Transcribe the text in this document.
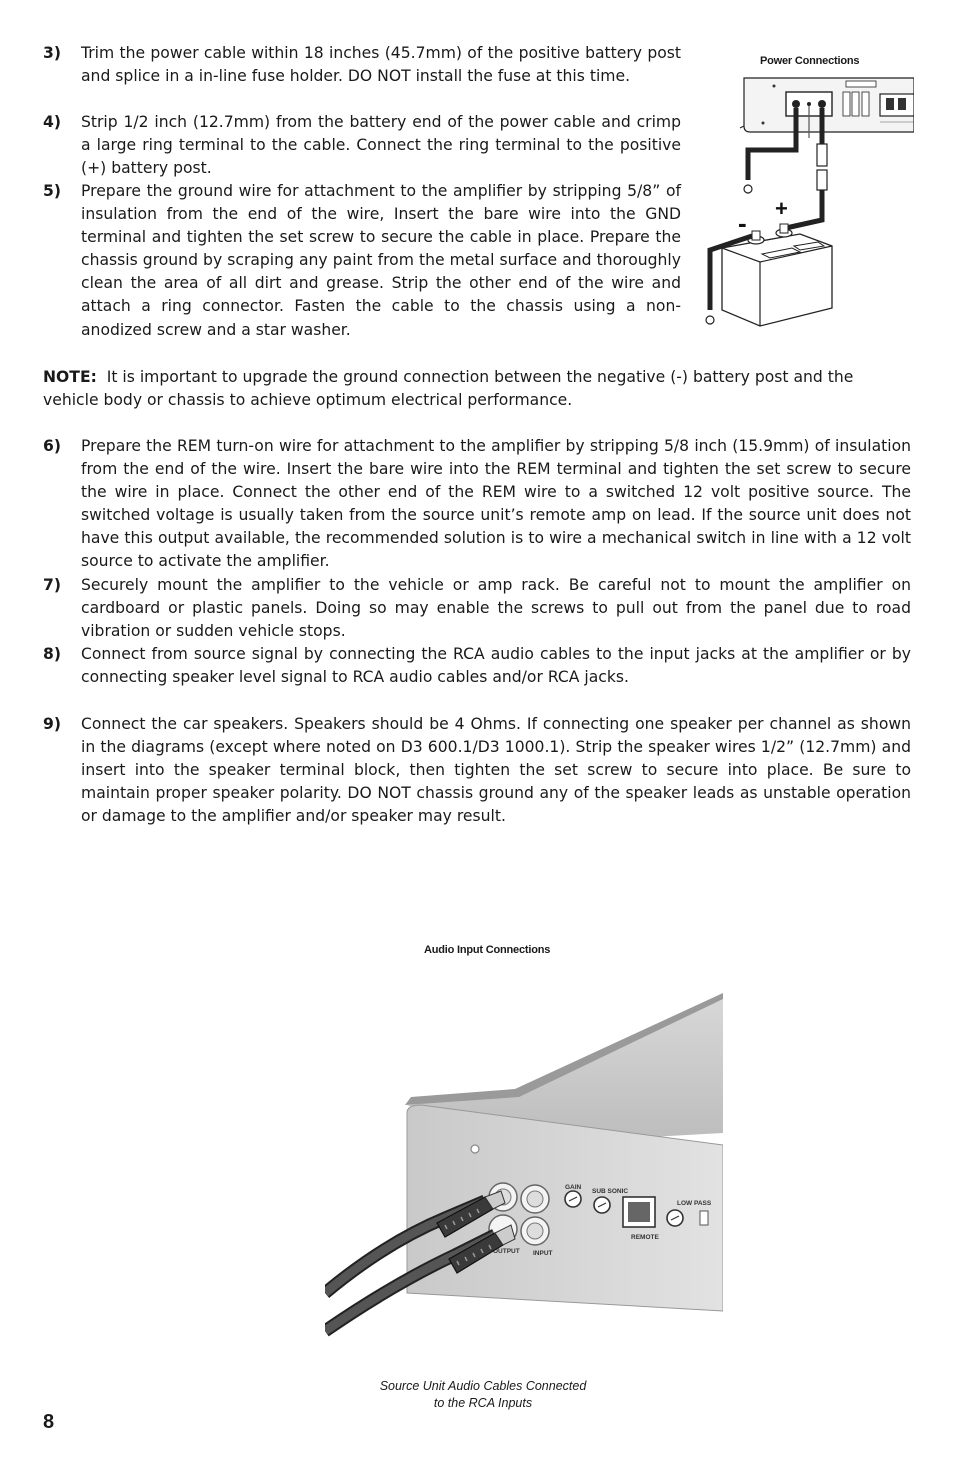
3) Trim the power cable within 18 inches (45.7mm) of the positive battery post and splice in a in-line fuse holder. DO NOT install the fuse at this time.
4) Strip 1/2 inch (12.7mm) from the battery end of the power cable and crimp a large ring terminal to the cable. Connect the ring terminal to the positive (+) battery post.
5) Prepare the ground wire for attachment to the amplifier by stripping 5/8” of insulation from the end of the wire, Insert the bare wire into the GND terminal and tighten the set screw to secure the cable in place. Prepare the chassis ground by scraping any paint from the metal surface and thoroughly clean the area of all dirt and grease. Strip the other end of the wire and attach a ring connector. Fasten the cable to the chassis using a non-anodized screw and a star washer.
NOTE: It is important to upgrade the ground connection between the negative (-) battery post and the vehicle body or chassis to achieve optimum electrical performance.
6) Prepare the REM turn-on wire for attachment to the amplifier by stripping 5/8 inch (15.9mm) of insulation from the end of the wire. Insert the bare wire into the REM terminal and tighten the set screw to secure the wire in place. Connect the other end of the REM wire to a switched 12 volt positive source. The switched voltage is usually taken from the source unit’s remote amp on lead. If the source unit does not have this output available, the recommended solution is to wire a mechanical switch in line with a 12 volt source to activate the amplifier.
7) Securely mount the amplifier to the vehicle or amp rack. Be careful not to mount the amplifier on cardboard or plastic panels. Doing so may enable the screws to pull out from the panel due to road vibration or sudden vehicle stops.
8) Connect from source signal by connecting the RCA audio cables to the input jacks at the amplifier or by connecting speaker level signal to RCA audio cables and/or RCA jacks.
9) Connect the car speakers. Speakers should be 4 Ohms. If connecting one speaker per channel as shown in the diagrams (except where noted on D3 600.1/D3 1000.1). Strip the speaker wires 1/2” (12.7mm) and insert into the speaker terminal block, then tighten the set screw to secure into place. Be sure to maintain proper speaker polarity. DO NOT chassis ground any of the speaker leads as unstable operation or damage to the amplifier and/or speaker may result.
Power Connections
+
-
Audio Input Connections
GAIN
SUB SONIC
REMOTE
LOW PASS
OUTPUT INPUT
Source Unit Audio Cables Connected
to the RCA Inputs
8
